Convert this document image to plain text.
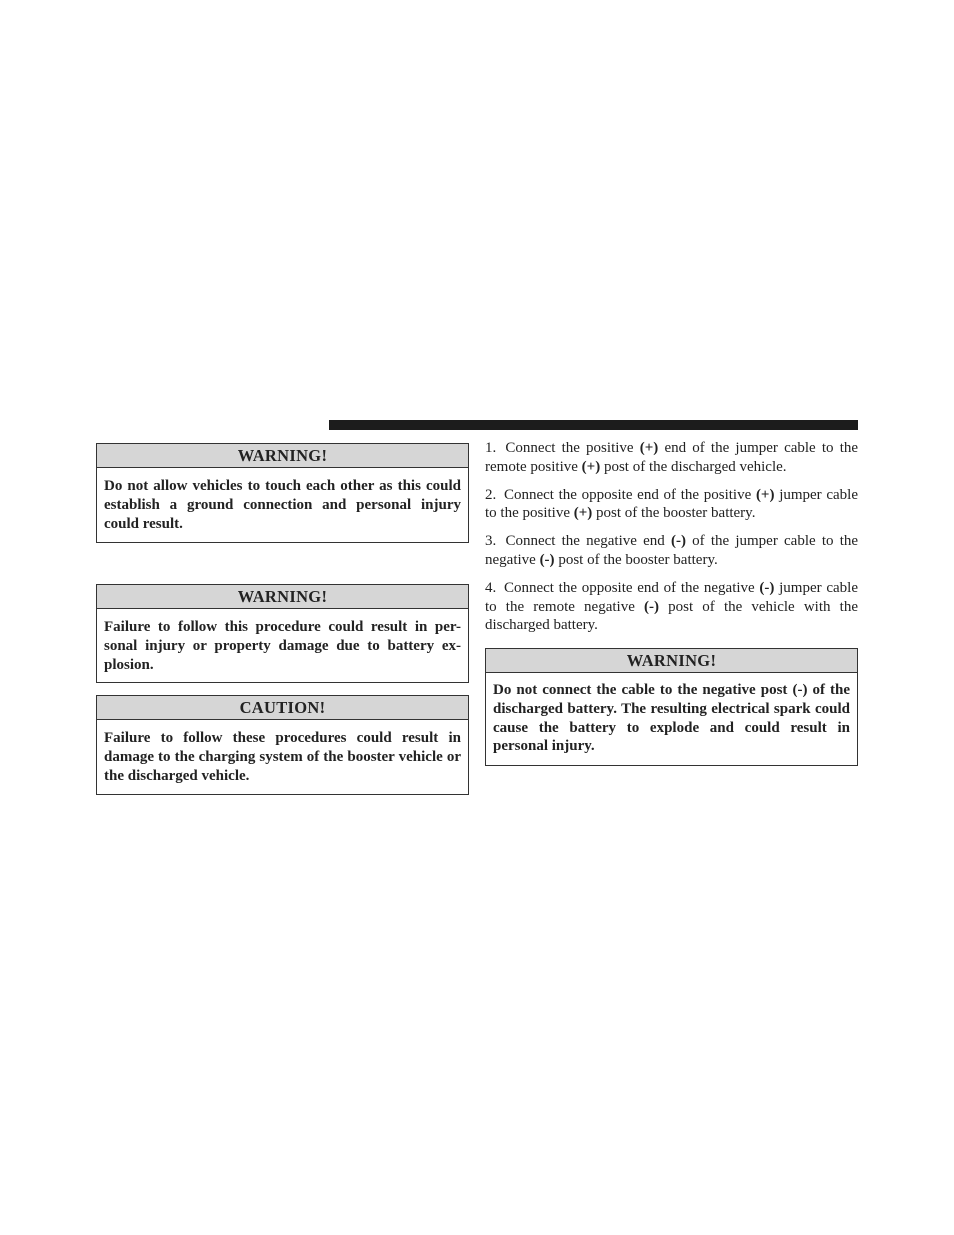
WARNING!
Do not allow vehicles to touch each other as this could establish a ground connection and personal injury could result.
WARNING!
Failure to follow this procedure could result in per-sonal injury or property damage due to battery ex-plosion.
CAUTION!
Failure to follow these procedures could result in damage to the charging system of the booster vehicle or the discharged vehicle.

1. Connect the positive (+) end of the jumper cable to the remote positive (+) post of the discharged vehicle.

2. Connect the opposite end of the positive (+) jumper cable to the positive (+) post of the booster battery.

3. Connect the negative end (-) of the jumper cable to the negative (-) post of the booster battery.

4. Connect the opposite end of the negative (-) jumper cable to the remote negative (-) post of the vehicle with the discharged battery.

WARNING!
Do not connect the cable to the negative post (-) of the discharged battery. The resulting electrical spark could cause the battery to explode and could result in personal injury.
